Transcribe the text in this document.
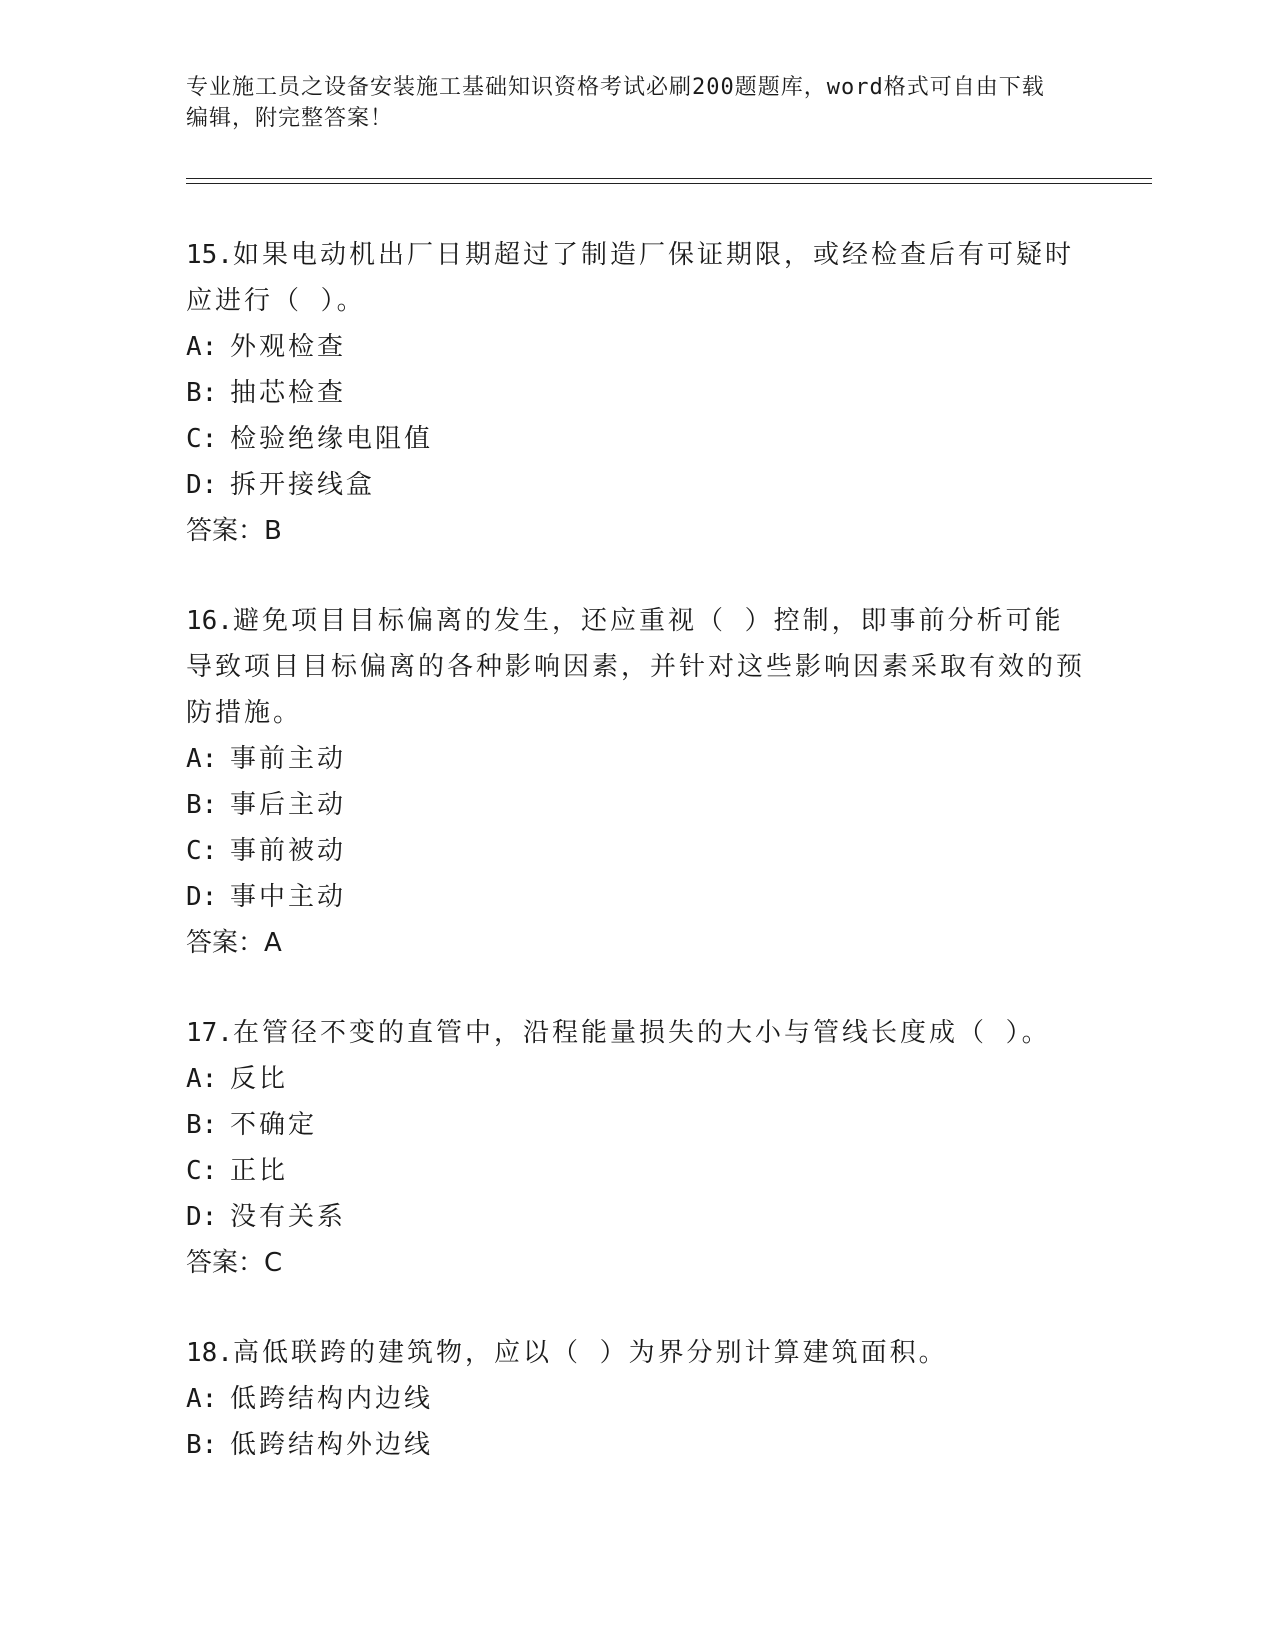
专业施工员之设备安装施工基础知识资格考试必刷200题题库，word格式可自由下载编辑，附完整答案！
15.如果电动机出厂日期超过了制造厂保证期限，或经检查后有可疑时应进行（ ）。
A: 外观检查
B: 抽芯检查
C: 检验绝缘电阻值
D: 拆开接线盒
答案：B
16.避免项目目标偏离的发生，还应重视（ ）控制，即事前分析可能导致项目目标偏离的各种影响因素，并针对这些影响因素采取有效的预防措施。
A: 事前主动
B: 事后主动
C: 事前被动
D: 事中主动
答案：A
17.在管径不变的直管中，沿程能量损失的大小与管线长度成（ ）。
A: 反比
B: 不确定
C: 正比
D: 没有关系
答案：C
18.高低联跨的建筑物，应以（ ）为界分别计算建筑面积。
A: 低跨结构内边线
B: 低跨结构外边线
